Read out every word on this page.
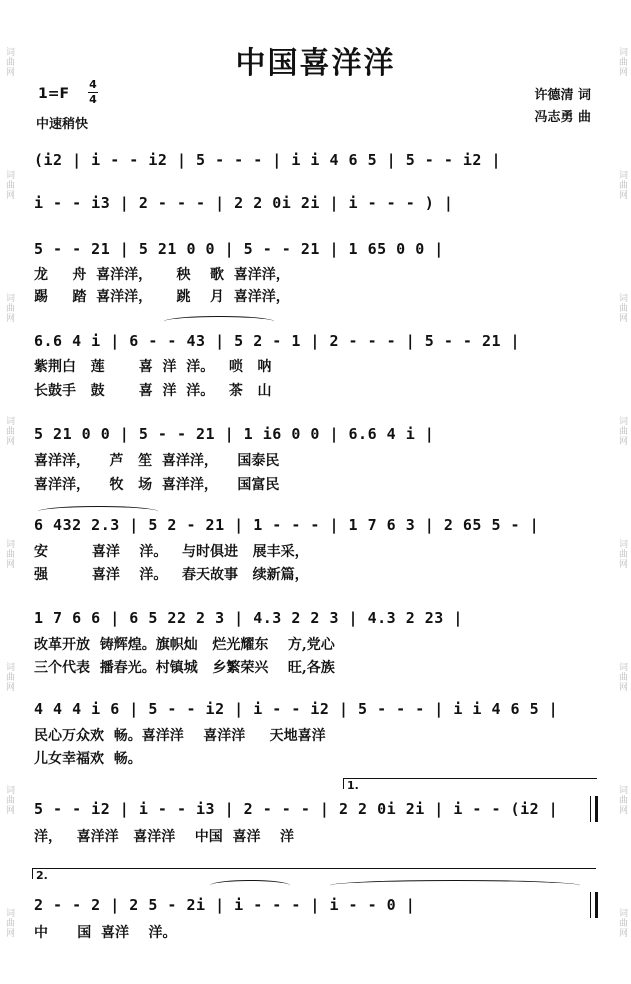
词曲网
词曲网
词曲网
词曲网
词曲网
词曲网
词曲网
词曲网
词曲网
词曲网
词曲网
词曲网
词曲网
词曲网
词曲网
词曲网
中国喜洋洋
1=F
4
4
中速稍快
许德清 词
冯志勇 曲
(i2 | i - - i2 | 5 - - - | i i 4 6 5 | 5 - - i2 |
i - - i3 | 2 - - - | 2 2 0i 2i | i - - - ) |
5 - - 21 | 5 21 0 0 | 5 - - 21 | 1 65 0 0 |
龙     舟  喜洋洋，     秧    歌  喜洋洋，
踢     踏  喜洋洋，     跳    月  喜洋洋，
6.6 4 i | 6 - - 43 | 5 2 - 1 | 2 - - - | 5 - - 21 |
紫荆白   莲       喜  洋  洋。   唢   呐
长鼓手   鼓       喜  洋  洋。   茶   山
5 21 0 0 | 5 - - 21 | 1 i6 0 0 | 6.6 4 i |
喜洋洋，    芦   笙  喜洋洋，    国泰民
喜洋洋，    牧   场  喜洋洋，    国富民
6 432 2.3 | 5 2 - 21 | 1 - - - | 1 7 6 3 | 2 65 5 - |
安         喜洋    洋。   与时俱进   展丰采，
强         喜洋    洋。   春天故事   续新篇，
1 7 6 6 | 6 5 22 2 3 | 4.3 2 2 3 | 4.3 2 23 |
改革开放  铸辉煌。旗帜灿   烂光耀东    方,党心
三个代表  播春光。村镇城   乡繁荣兴    旺,各族
4 4 4 i 6 | 5 - - i2 | i - - i2 | 5 - - - | i i 4 6 5 |
民心万众欢  畅。喜洋洋    喜洋洋     天地喜洋
儿女幸福欢  畅。
1.
5 - - i2 | i - - i3 | 2 - - - | 2 2 0i 2i | i - - (i2 |
洋，   喜洋洋   喜洋洋    中国  喜洋    洋
2.
2 - - 2 | 2 5 - 2i | i - - - | i - - 0 |
中      国  喜洋    洋。
